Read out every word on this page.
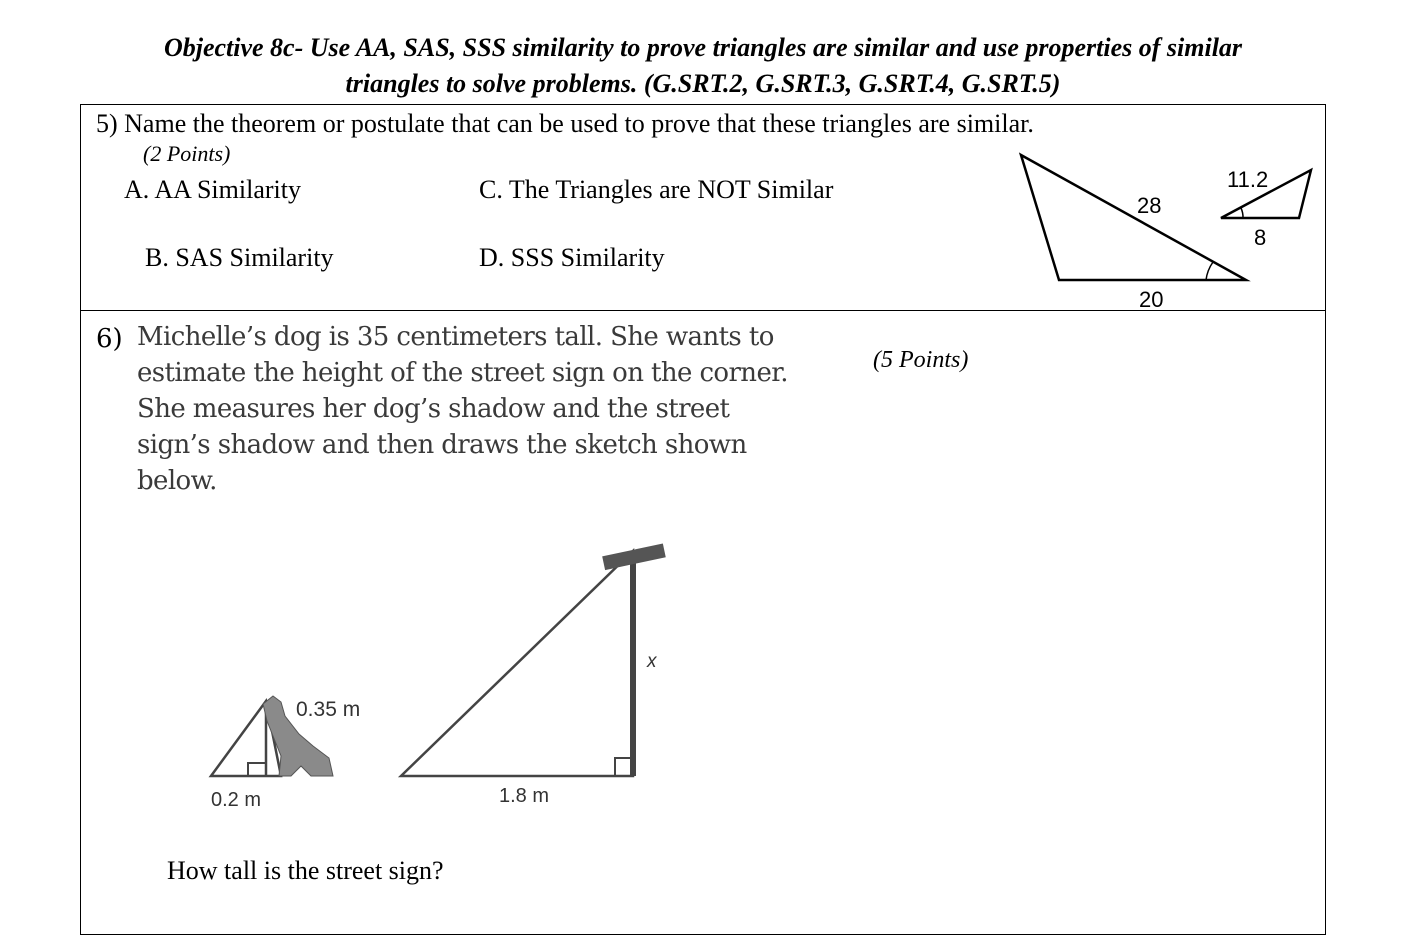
Objective 8c- Use AA, SAS, SSS similarity to prove triangles are similar and use properties of similar
triangles to solve problems. (G.SRT.2, G.SRT.3, G.SRT.4, G.SRT.5)
5) Name the theorem or postulate that can be used to prove that these triangles are similar.
(2 Points)
A. AA Similarity	C. The Triangles are NOT Similar
B. SAS Similarity	D. SSS Similarity
28
20
11.2
8
6) Michelle’s dog is 35 centimeters tall. She wants to
estimate the height of the street sign on the corner.
She measures her dog’s shadow and the street
sign’s shadow and then draws the sketch shown
below.
(5 Points)
0.35 m
0.2 m
x
1.8 m
How tall is the street sign?
